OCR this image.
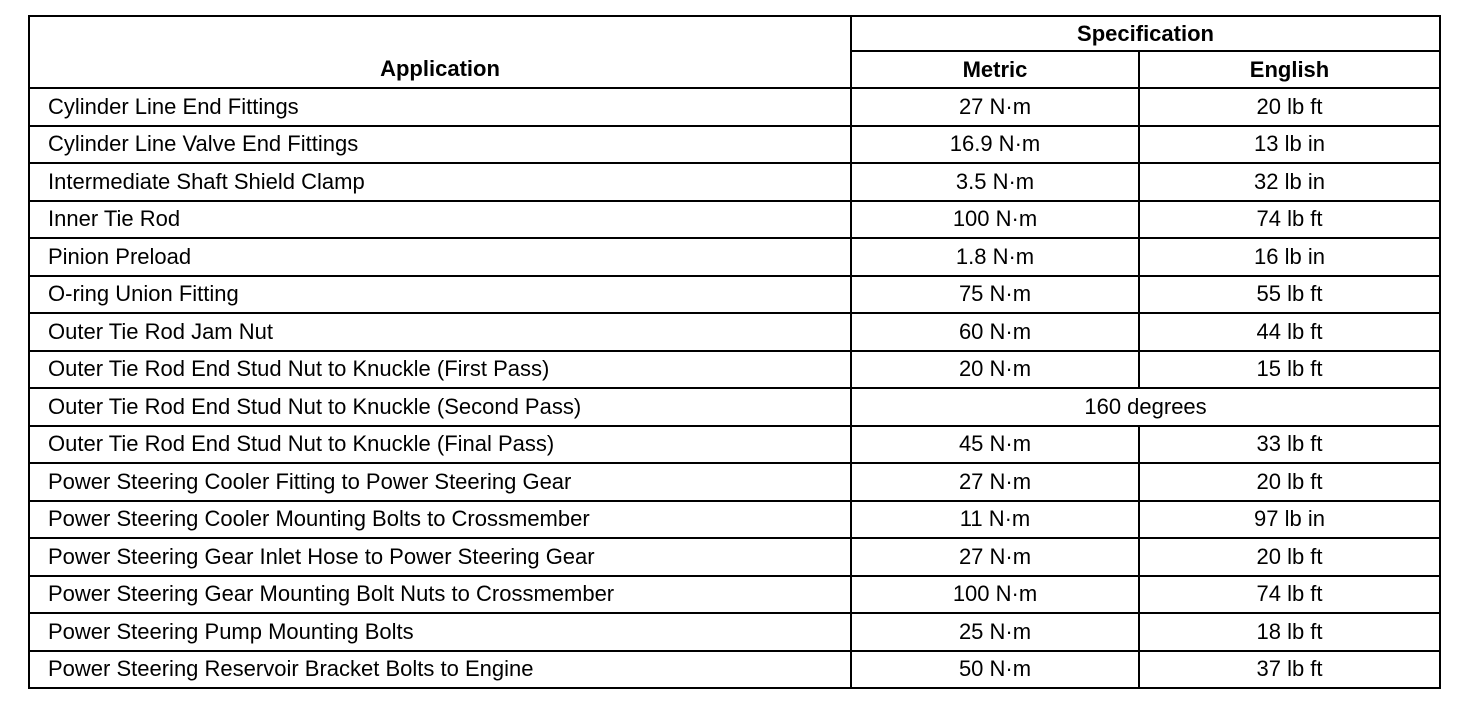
Application	Specification	
	Metric	English
Cylinder Line End Fittings	27 N·m	20 lb ft
Cylinder Line Valve End Fittings	16.9 N·m	13 lb in
Intermediate Shaft Shield Clamp	3.5 N·m	32 lb in
Inner Tie Rod	100 N·m	74 lb ft
Pinion Preload	1.8 N·m	16 lb in
O-ring Union Fitting	75 N·m	55 lb ft
Outer Tie Rod Jam Nut	60 N·m	44 lb ft
Outer Tie Rod End Stud Nut to Knuckle (First Pass)	20 N·m	15 lb ft
Outer Tie Rod End Stud Nut to Knuckle (Second Pass)	160 degrees	
Outer Tie Rod End Stud Nut to Knuckle (Final Pass)	45 N·m	33 lb ft
Power Steering Cooler Fitting to Power Steering Gear	27 N·m	20 lb ft
Power Steering Cooler Mounting Bolts to Crossmember	11 N·m	97 lb in
Power Steering Gear Inlet Hose to Power Steering Gear	27 N·m	20 lb ft
Power Steering Gear Mounting Bolt Nuts to Crossmember	100 N·m	74 lb ft
Power Steering Pump Mounting Bolts	25 N·m	18 lb ft
Power Steering Reservoir Bracket Bolts to Engine	50 N·m	37 lb ft
